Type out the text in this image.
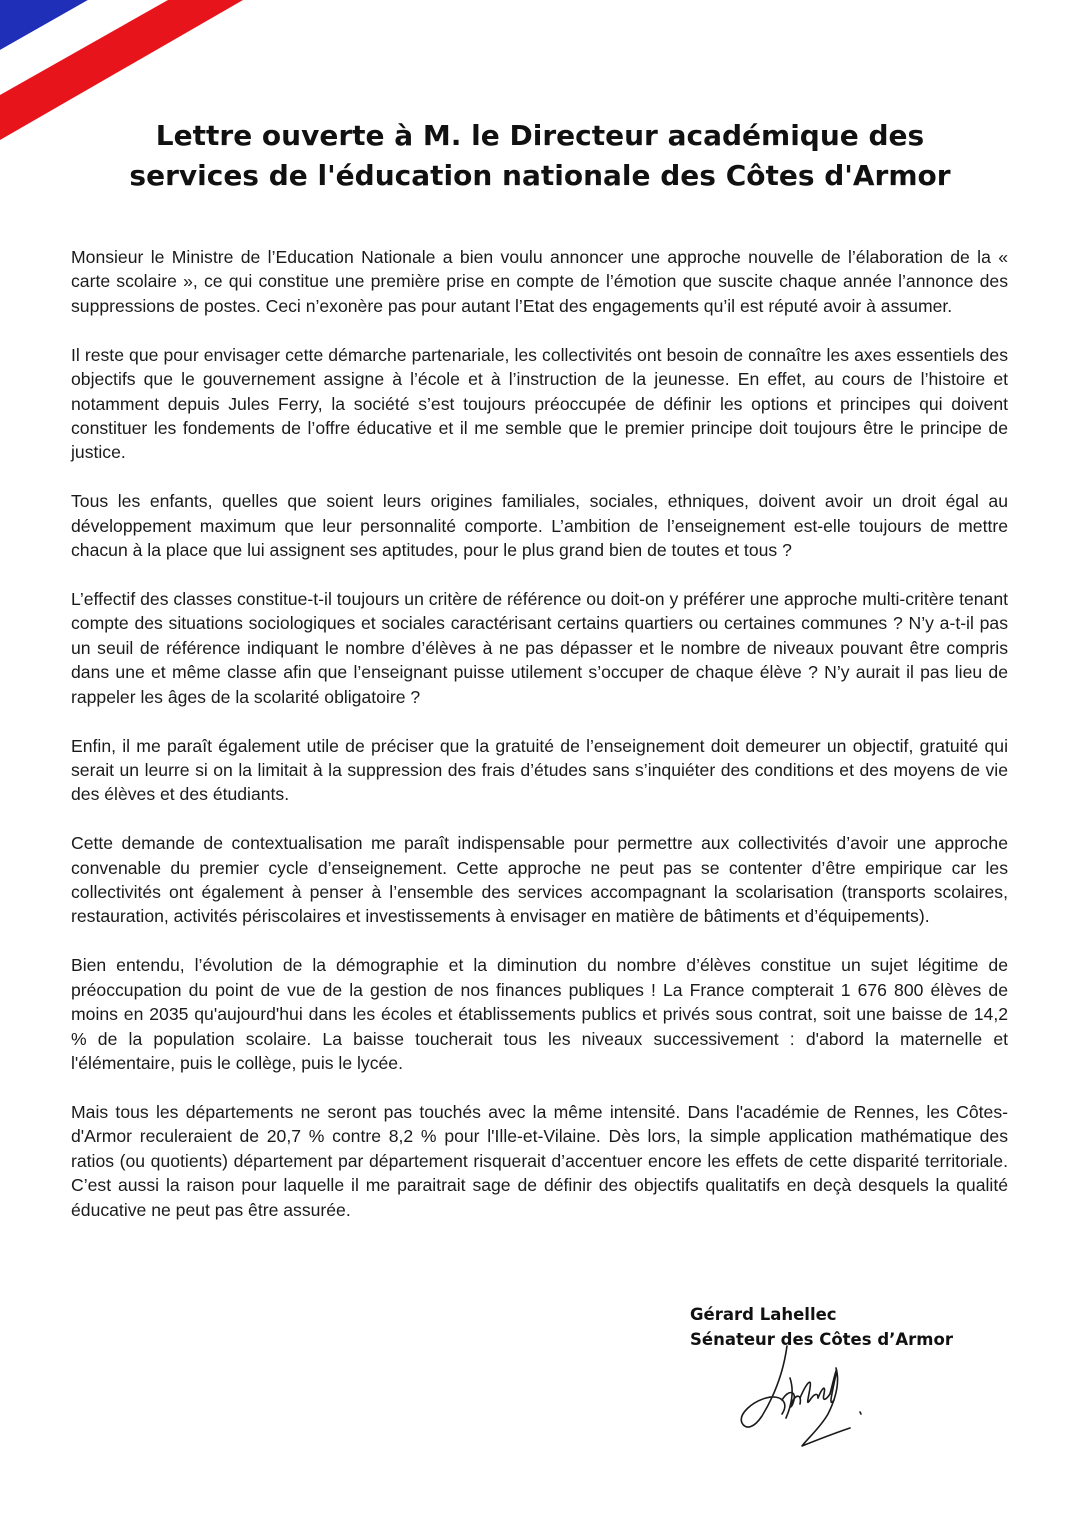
Lettre ouverte à M. le Directeur académique des
services de l'éducation nationale des Côtes d'Armor

Monsieur le Ministre de l’Education Nationale a bien voulu annoncer une approche nouvelle de l’élaboration de la « carte scolaire », ce qui constitue une première prise en compte de l’émotion que suscite chaque année l’annonce des suppressions de postes. Ceci n’exonère pas pour autant l’Etat des engagements qu’il est réputé avoir à assumer.

Il reste que pour envisager cette démarche partenariale, les collectivités ont besoin de connaître les axes essentiels des objectifs que le gouvernement assigne à l’école et à l’instruction de la jeunesse. En effet, au cours de l’histoire et notamment depuis Jules Ferry, la société s’est toujours préoccupée de définir les options et principes qui doivent constituer les fondements de l’offre éducative et il me semble que le premier principe doit toujours être le principe de justice.

Tous les enfants, quelles que soient leurs origines familiales, sociales, ethniques, doivent avoir un droit égal au développement maximum que leur personnalité comporte. L’ambition de l’enseignement est-elle toujours de mettre chacun à la place que lui assignent ses aptitudes, pour le plus grand bien de toutes et tous ?

L’effectif des classes constitue-t-il toujours un critère de référence ou doit-on y préférer une approche multi-critère tenant compte des situations sociologiques et sociales caractérisant certains quartiers ou certaines communes ? N’y a-t-il pas un seuil de référence indiquant le nombre d’élèves à ne pas dépasser et le nombre de niveaux pouvant être compris dans une et même classe afin que l’enseignant puisse utilement s’occuper de chaque élève ? N’y aurait il pas lieu de rappeler les âges de la scolarité obligatoire ?

Enfin, il me paraît également utile de préciser que la gratuité de l’enseignement doit demeurer un objectif, gratuité qui serait un leurre si on la limitait à la suppression des frais d’études sans s’inquiéter des conditions et des moyens de vie des élèves et des étudiants.

Cette demande de contextualisation me paraît indispensable pour permettre aux collectivités d’avoir une approche convenable du premier cycle d’enseignement. Cette approche ne peut pas se contenter d’être empirique car les collectivités ont également à penser à l’ensemble des services accompagnant la scolarisation (transports scolaires, restauration, activités périscolaires et investissements à envisager en matière de bâtiments et d’équipements).

Bien entendu, l’évolution de la démographie et la diminution du nombre d’élèves constitue un sujet légitime de préoccupation du point de vue de la gestion de nos finances publiques ! La France compterait 1 676 800 élèves de moins en 2035 qu'aujourd'hui dans les écoles et établissements publics et privés sous contrat, soit une baisse de 14,2 % de la population scolaire. La baisse toucherait tous les niveaux successivement : d'abord la maternelle et l'élémentaire, puis le collège, puis le lycée.

Mais tous les départements ne seront pas touchés avec la même intensité. Dans l'académie de Rennes, les Côtes-d'Armor reculeraient de 20,7 % contre 8,2 % pour l'Ille-et-Vilaine. Dès lors, la simple application mathématique des ratios (ou quotients) département par département risquerait d’accentuer encore les effets de cette disparité territoriale. C’est aussi la raison pour laquelle il me paraitrait sage de définir des objectifs qualitatifs en deçà desquels la qualité éducative ne peut pas être assurée.

Gérard Lahellec
Sénateur des Côtes d’Armor
